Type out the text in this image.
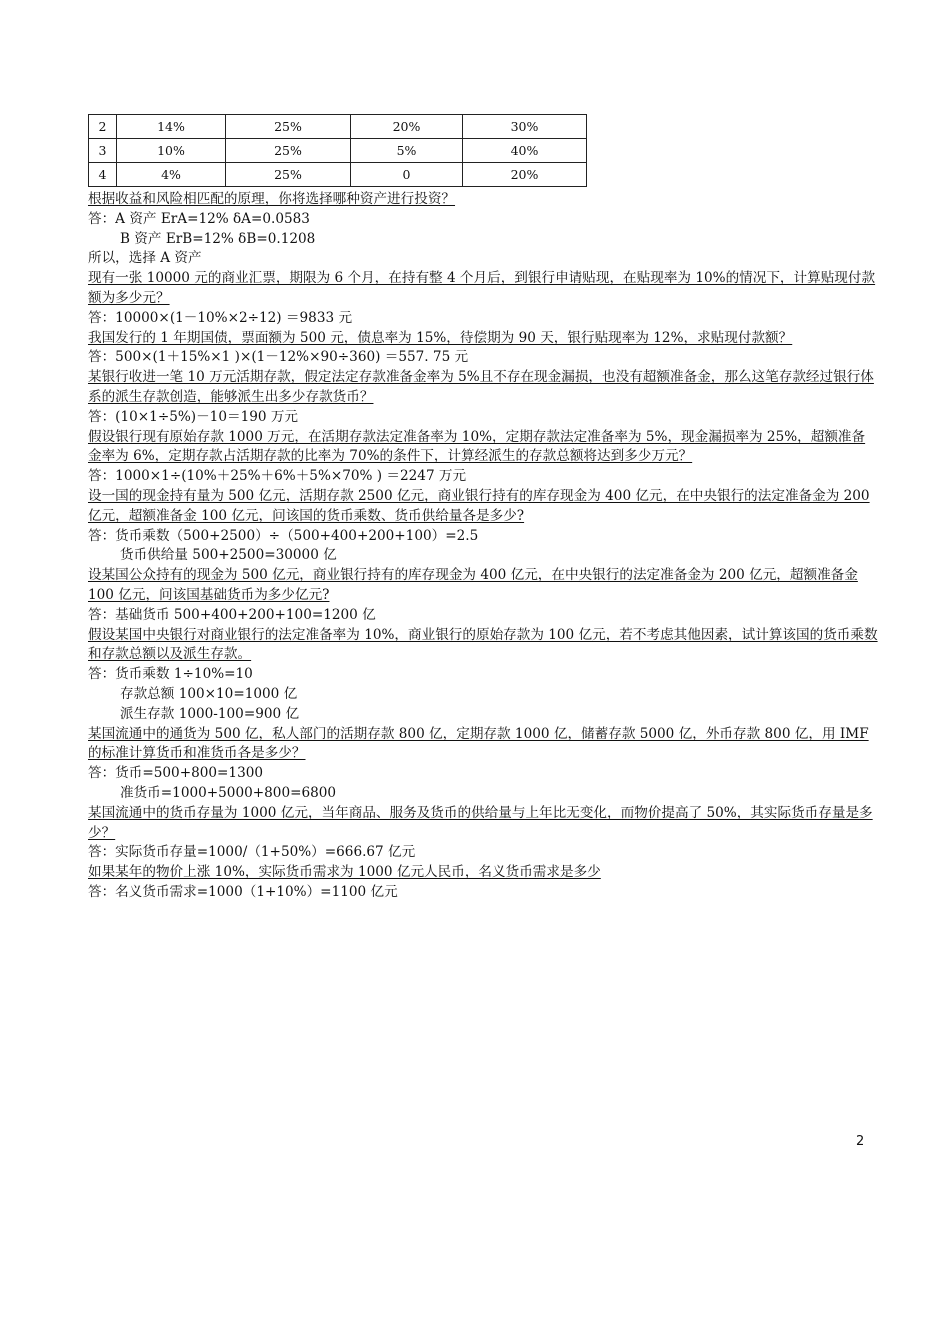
2	14%	25%	20%	30%
3	10%	25%	5%	40%
4	4%	25%	0	20%
根据收益和风险相匹配的原理，你将选择哪种资产进行投资？
答：A 资产 ErA=12% δA=0.0583
B 资产 ErB=12% δB=0.1208
所以，选择 A 资产
现有一张 10000 元的商业汇票，期限为 6 个月，在持有整 4 个月后，到银行申请贴现，在贴现率为 10%的情况下，计算贴现付款额为多少元？
答：10000×(1－10%×2÷12) ＝9833 元
我国发行的 1 年期国债，票面额为 500 元，债息率为 15%，待偿期为 90 天，银行贴现率为 12%，求贴现付款额？
答：500×(1＋15%×1 )×(1－12%×90÷360) ＝557. 75 元
某银行收进一笔 10 万元活期存款，假定法定存款准备金率为 5%且不存在现金漏损，也没有超额准备金，那么这笔存款经过银行体系的派生存款创造，能够派生出多少存款货币？
答：(10×1÷5%)－10＝190 万元
假设银行现有原始存款 1000 万元，在活期存款法定准备率为 10%，定期存款法定准备率为 5%，现金漏损率为 25%，超额准备金率为 6%，定期存款占活期存款的比率为 70%的条件下，计算经派生的存款总额将达到多少万元？
答：1000×1÷(10%＋25%＋6%＋5%×70% ) ＝2247 万元
设一国的现金持有量为 500 亿元，活期存款 2500 亿元，商业银行持有的库存现金为 400 亿元，在中央银行的法定准备金为 200 亿元，超额准备金 100 亿元，问该国的货币乘数、货币供给量各是多少?
答：货币乘数（500+2500）÷（500+400+200+100）=2.5
货币供给量 500+2500=30000 亿
设某国公众持有的现金为 500 亿元，商业银行持有的库存现金为 400 亿元，在中央银行的法定准备金为 200 亿元，超额准备金 100 亿元，问该国基础货币为多少亿元?
答：基础货币 500+400+200+100=1200 亿
假设某国中央银行对商业银行的法定准备率为 10%，商业银行的原始存款为 100 亿元，若不考虑其他因素，试计算该国的货币乘数和存款总额以及派生存款。
答：货币乘数 1÷10%=10
存款总额 100×10=1000 亿
派生存款 1000-100=900 亿
某国流通中的通货为 500 亿，私人部门的活期存款 800 亿，定期存款 1000 亿，储蓄存款 5000 亿，外币存款 800 亿，用 IMF 的标准计算货币和准货币各是多少？
答：货币=500+800=1300
准货币=1000+5000+800=6800
某国流通中的货币存量为 1000 亿元，当年商品、服务及货币的供给量与上年比无变化，而物价提高了 50%，其实际货币存量是多少？
答：实际货币存量=1000/（1+50%）=666.67 亿元
如果某年的物价上涨 10%，实际货币需求为 1000 亿元人民币，名义货币需求是多少
答：名义货币需求=1000（1+10%）=1100 亿元
2
